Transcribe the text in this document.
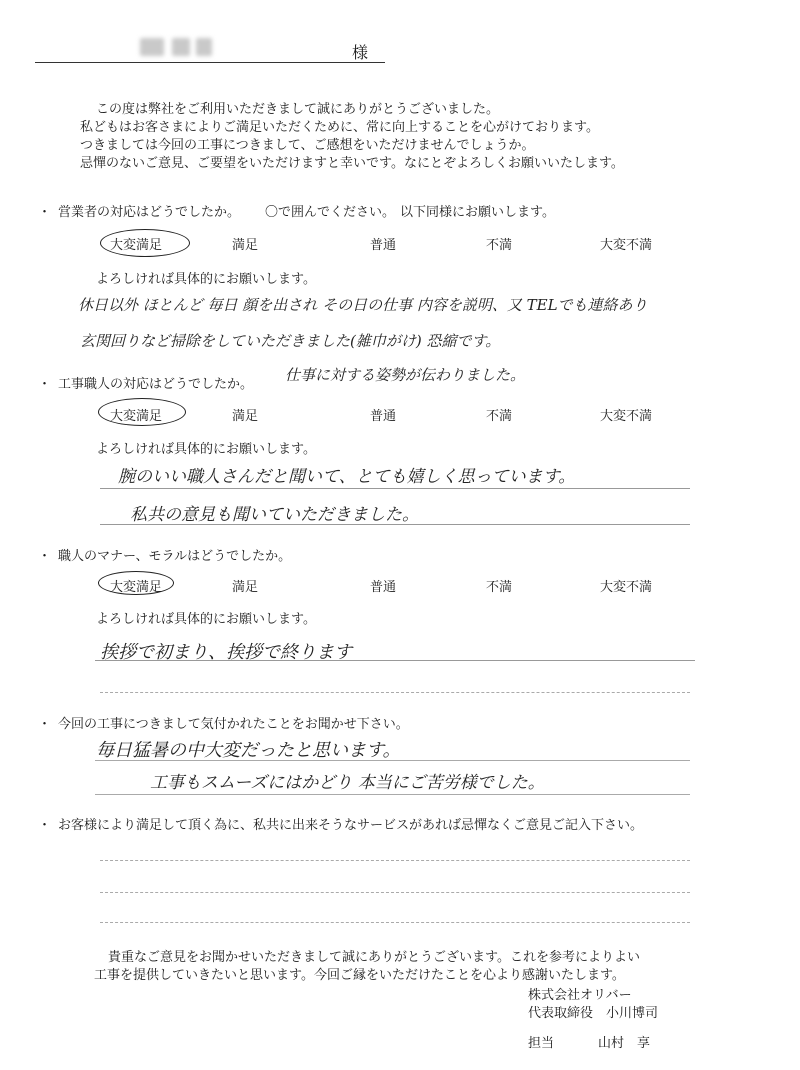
様
この度は弊社をご利用いただきまして誠にありがとうございました。
私どもはお客さまによりご満足いただくために、常に向上することを心がけております。
つきましては今回の工事につきまして、ご感想をいただけませんでしょうか。
忌憚のないご意見、ご要望をいただけますと幸いです。なにとぞよろしくお願いいたします。
・ 営業者の対応はどうでしたか。 〇で囲んでください。 以下同様にお願いします。
大変満足	満足	普通	不満	大変不満
よろしければ具体的にお願いします。
休日以外 ほとんど 毎日 顔を出され その日の仕事 内容を説明、又 TELでも連絡あり
玄関回りなど掃除をしていただきました(雑巾がけ) 恐縮です。
仕事に対する姿勢が伝わりました。
・ 工事職人の対応はどうでしたか。
大変満足	満足	普通	不満	大変不満
よろしければ具体的にお願いします。
腕のいい職人さんだと聞いて、とても嬉しく思っています。
私共の意見も聞いていただきました。
・ 職人のマナー、モラルはどうでしたか。
大変満足	満足	普通	不満	大変不満
よろしければ具体的にお願いします。
挨拶で初まり、挨拶で終ります
・ 今回の工事につきまして気付かれたことをお聞かせ下さい。
毎日猛暑の中大変だったと思います。
工事もスムーズにはかどり 本当にご苦労様でした。
・ お客様により満足して頂く為に、私共に出来そうなサービスがあれば忌憚なくご意見ご記入下さい。
貴重なご意見をお聞かせいただきまして誠にありがとうございます。これを参考によりよい
工事を提供していきたいと思います。今回ご縁をいただけたことを心より感謝いたします。
株式会社オリバー
代表取締役　小川博司
担当	山村　享
